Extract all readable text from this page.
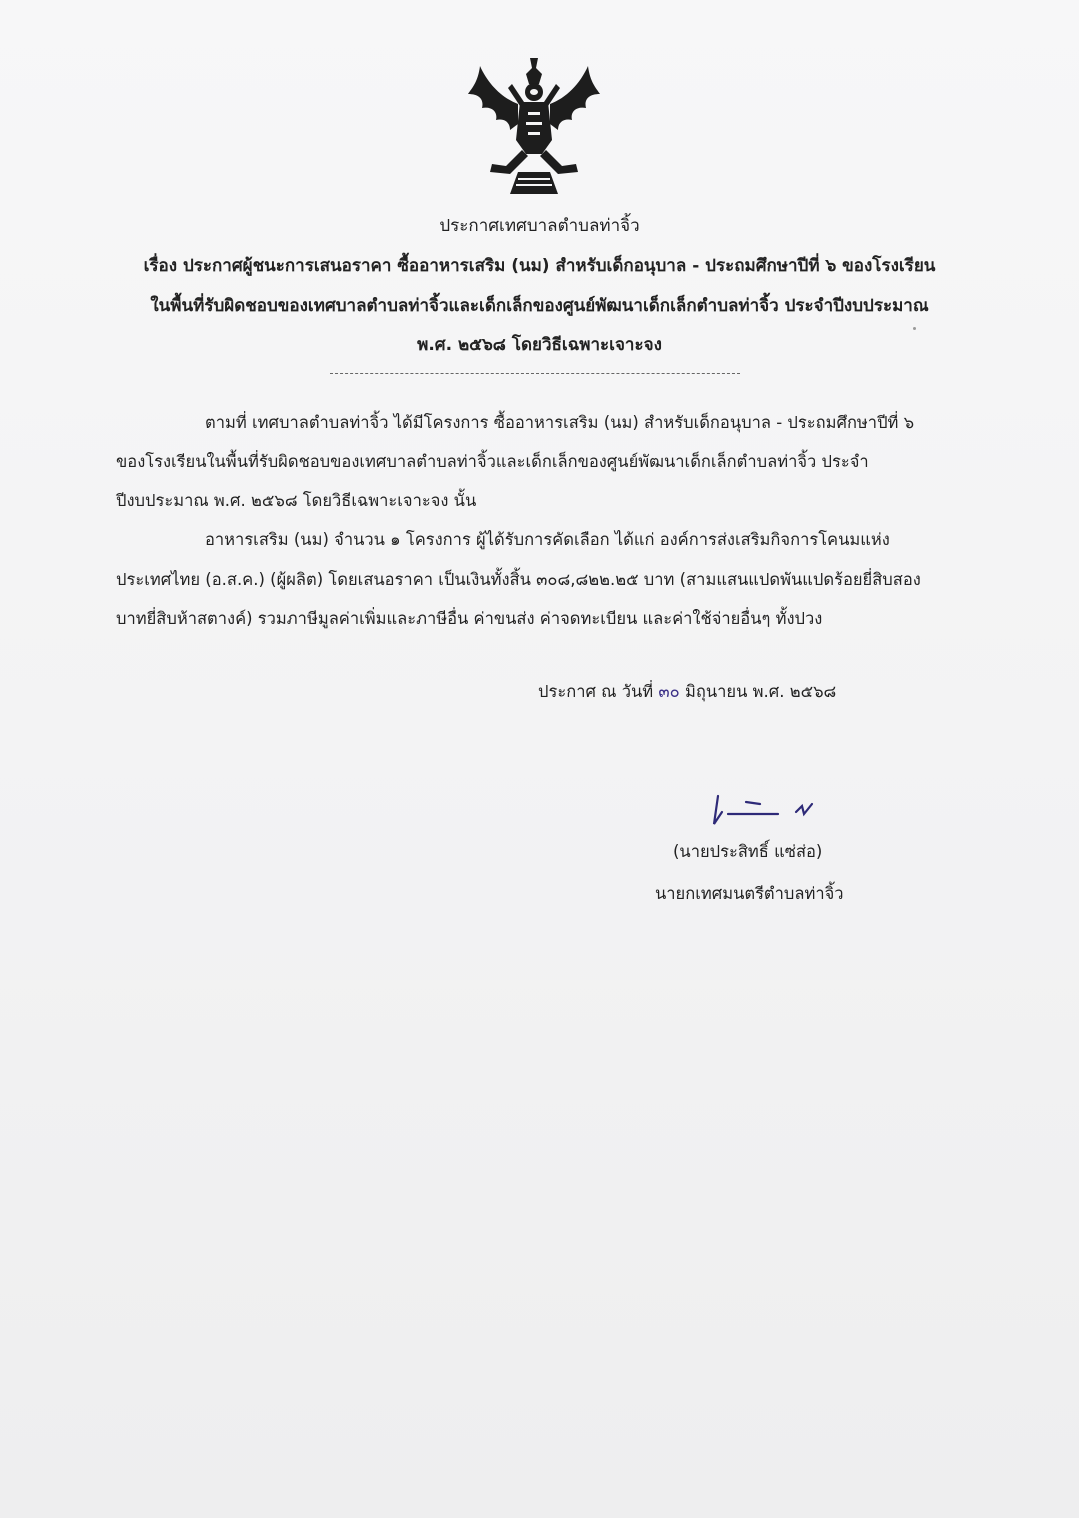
ประกาศเทศบาลตำบลท่าจิ้ว
เรื่อง ประกาศผู้ชนะการเสนอราคา ซื้ออาหารเสริม (นม) สำหรับเด็กอนุบาล - ประถมศึกษาปีที่ ๖ ของโรงเรียน
ในพื้นที่รับผิดชอบของเทศบาลตำบลท่าจิ้วและเด็กเล็กของศูนย์พัฒนาเด็กเล็กตำบลท่าจิ้ว ประจำปีงบประมาณ
พ.ศ. ๒๕๖๘ โดยวิธีเฉพาะเจาะจง
ตามที่ เทศบาลตำบลท่าจิ้ว ได้มีโครงการ ซื้ออาหารเสริม (นม) สำหรับเด็กอนุบาล - ประถมศึกษาปีที่ ๖
ของโรงเรียนในพื้นที่รับผิดชอบของเทศบาลตำบลท่าจิ้วและเด็กเล็กของศูนย์พัฒนาเด็กเล็กตำบลท่าจิ้ว ประจำ
ปีงบประมาณ พ.ศ. ๒๕๖๘ โดยวิธีเฉพาะเจาะจง นั้น
อาหารเสริม (นม) จำนวน ๑ โครงการ ผู้ได้รับการคัดเลือก ได้แก่ องค์การส่งเสริมกิจการโคนมแห่ง
ประเทศไทย (อ.ส.ค.) (ผู้ผลิต) โดยเสนอราคา เป็นเงินทั้งสิ้น ๓๐๘,๘๒๒.๒๕ บาท (สามแสนแปดพันแปดร้อยยี่สิบสอง
บาทยี่สิบห้าสตางค์) รวมภาษีมูลค่าเพิ่มและภาษีอื่น ค่าขนส่ง ค่าจดทะเบียน และค่าใช้จ่ายอื่นๆ ทั้งปวง
ประกาศ ณ วันที่ ๓๐ มิถุนายน พ.ศ. ๒๕๖๘
(นายประสิทธิ์ แซ่ส่อ)
นายกเทศมนตรีตำบลท่าจิ้ว
